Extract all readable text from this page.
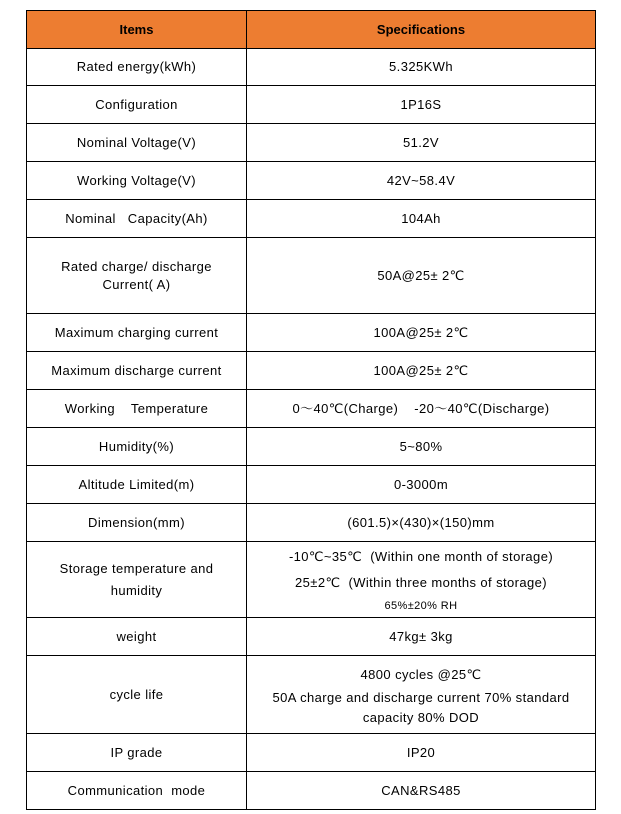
Items	Specifications
Rated energy(kWh)	5.325KWh
Configuration	1P16S
Nominal Voltage(V)	51.2V
Working Voltage(V)	42V~58.4V
Nominal   Capacity(Ah)	104Ah

Rated charge/ discharge
Current( A)	50A@25± 2℃
Maximum charging current	100A@25± 2℃
Maximum discharge current	100A@25± 2℃
Working    Temperature	0～40℃(Charge)    -20～40℃(Discharge)
Humidity(%)	5~80%
Altitude Limited(m)	0-3000m
Dimension(mm)	(601.5)×(430)×(150)mm

Storage temperature and
humidity	-10℃~35℃  (Within one month of storage)
25±2℃  (Within three months of storage)
65%±20% RH

weight	47kg± 3kg
cycle life	4800 cycles @25℃
50A charge and discharge current 70% standard
capacity 80% DOD

IP grade	IP20
Communication  mode	CAN&RS485
